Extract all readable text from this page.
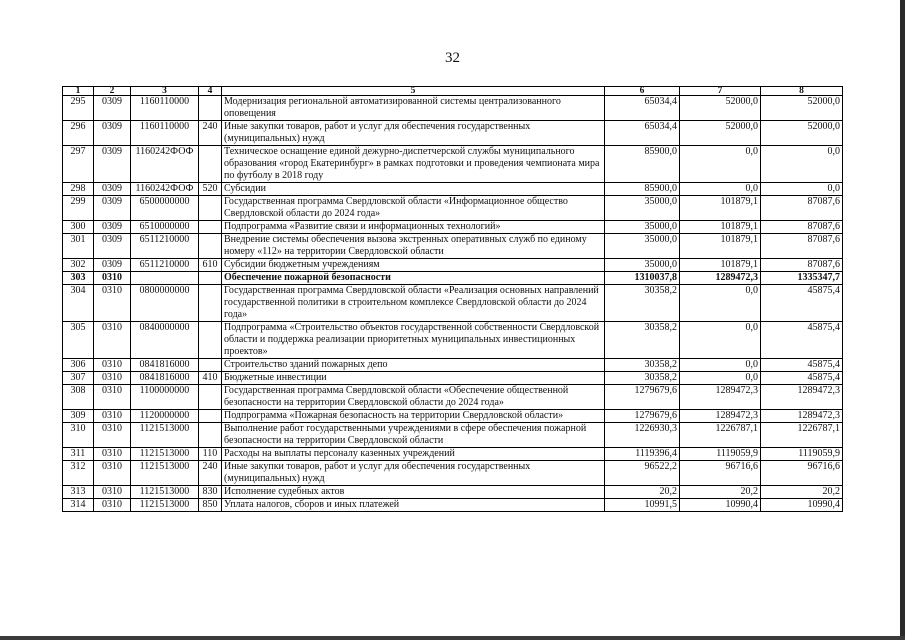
32
1	2	3	4	5	6	7	8
295	0309	1160110000		Модернизация региональной автоматизированной системы централизованного оповещения	65034,4	52000,0	52000,0
296	0309	1160110000	240	Иные закупки товаров, работ и услуг для обеспечения государственных (муниципальных) нужд	65034,4	52000,0	52000,0
297	0309	1160242ФОФ		Техническое оснащение единой дежурно-диспетчерской службы муниципального образования «город Екатеринбург» в рамках подготовки и проведения чемпионата мира по футболу в 2018 году	85900,0	0,0	0,0
298	0309	1160242ФОФ	520	Субсидии	85900,0	0,0	0,0
299	0309	6500000000		Государственная программа Свердловской области «Информационное общество Свердловской области до 2024 года»	35000,0	101879,1	87087,6
300	0309	6510000000		Подпрограмма «Развитие связи и информационных технологий»	35000,0	101879,1	87087,6
301	0309	6511210000		Внедрение системы обеспечения вызова экстренных оперативных служб по единому номеру «112» на территории Свердловской области	35000,0	101879,1	87087,6
302	0309	6511210000	610	Субсидии бюджетным учреждениям	35000,0	101879,1	87087,6
303	0310			Обеспечение пожарной безопасности	1310037,8	1289472,3	1335347,7
304	0310	0800000000		Государственная программа Свердловской области «Реализация основных направлений государственной политики в строительном комплексе Свердловской области до 2024 года»	30358,2	0,0	45875,4
305	0310	0840000000		Подпрограмма «Строительство объектов государственной собственности Свердловской области и поддержка реализации приоритетных муниципальных инвестиционных проектов»	30358,2	0,0	45875,4
306	0310	0841816000		Строительство зданий пожарных депо	30358,2	0,0	45875,4
307	0310	0841816000	410	Бюджетные инвестиции	30358,2	0,0	45875,4
308	0310	1100000000		Государственная программа Свердловской области «Обеспечение общественной безопасности на территории Свердловской области до 2024 года»	1279679,6	1289472,3	1289472,3
309	0310	1120000000		Подпрограмма «Пожарная безопасность на территории Свердловской области»	1279679,6	1289472,3	1289472,3
310	0310	1121513000		Выполнение работ государственными учреждениями в сфере обеспечения пожарной безопасности на территории Свердловской области	1226930,3	1226787,1	1226787,1
311	0310	1121513000	110	Расходы на выплаты персоналу казенных учреждений	1119396,4	1119059,9	1119059,9
312	0310	1121513000	240	Иные закупки товаров, работ и услуг для обеспечения государственных (муниципальных) нужд	96522,2	96716,6	96716,6
313	0310	1121513000	830	Исполнение судебных актов	20,2	20,2	20,2
314	0310	1121513000	850	Уплата налогов, сборов и иных платежей	10991,5	10990,4	10990,4
